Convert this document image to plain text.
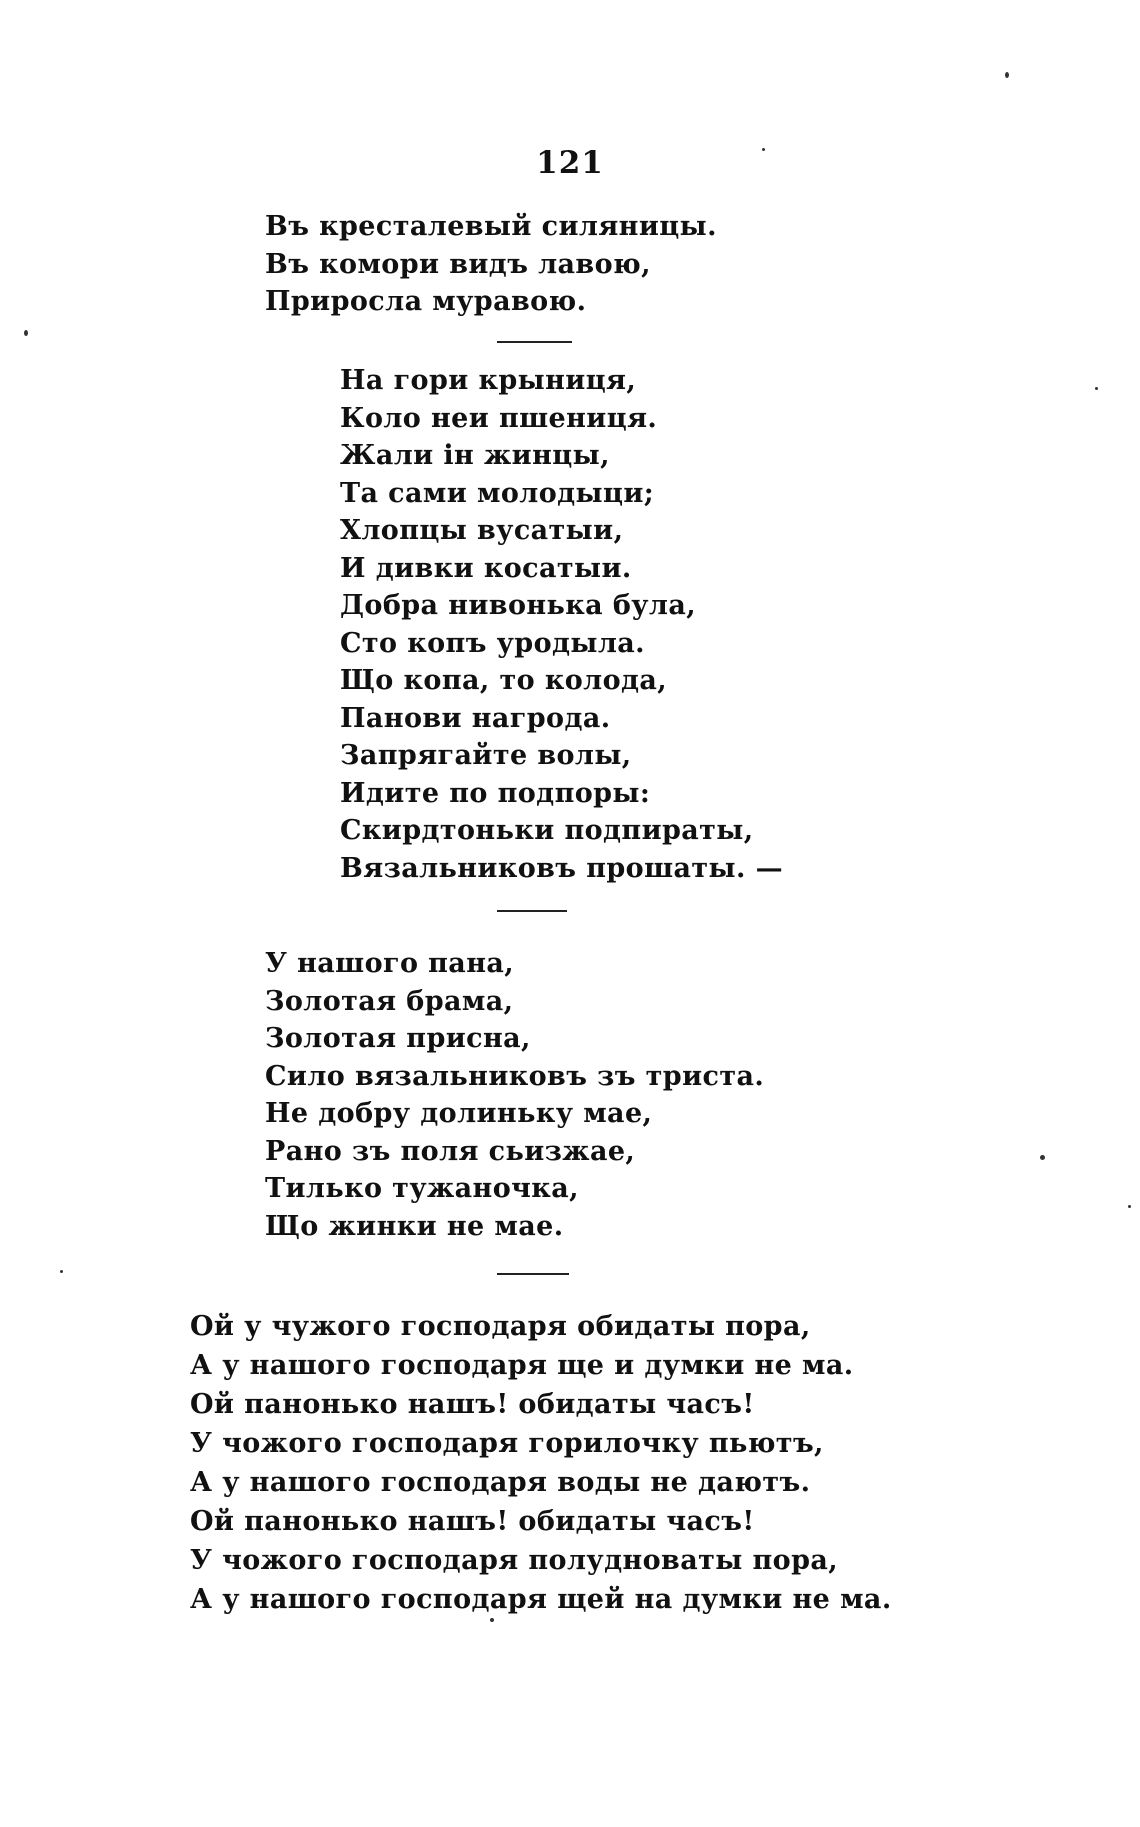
121
Въ кресталевый силяницы.
Въ комори видъ лавою,
Приросла муравою.
На гори крыниця,
Коло неи пшениця.
Жали ін жинцы,
Та сами молодыци;
Хлопцы вусатыи,
И дивки косатыи.
Добра нивонька була,
Сто копъ уродыла.
Що копа, то колода,
Панови нагрода.
Запрягайте волы,
Идите по подпоры:
Скирдтоньки подпираты,
Вязальниковъ прошаты. —
У нашого пана,
Золотая брама,
Золотая присна,
Сило вязальниковъ зъ триста.
Не добру долиньку мае,
Рано зъ поля сьизжае,
Тилько тужаночка,
Що жинки не мае.
Ой у чужого господаря обидаты пора,
А у нашого господаря ще и думки не ма.
Ой панонько нашъ! обидаты часъ!
У чожого господаря горилочку пьютъ,
А у нашого господаря воды не даютъ.
Ой панонько нашъ! обидаты часъ!
У чожого господаря полудноваты пора,
А у нашого господаря щей на думки не ма.
